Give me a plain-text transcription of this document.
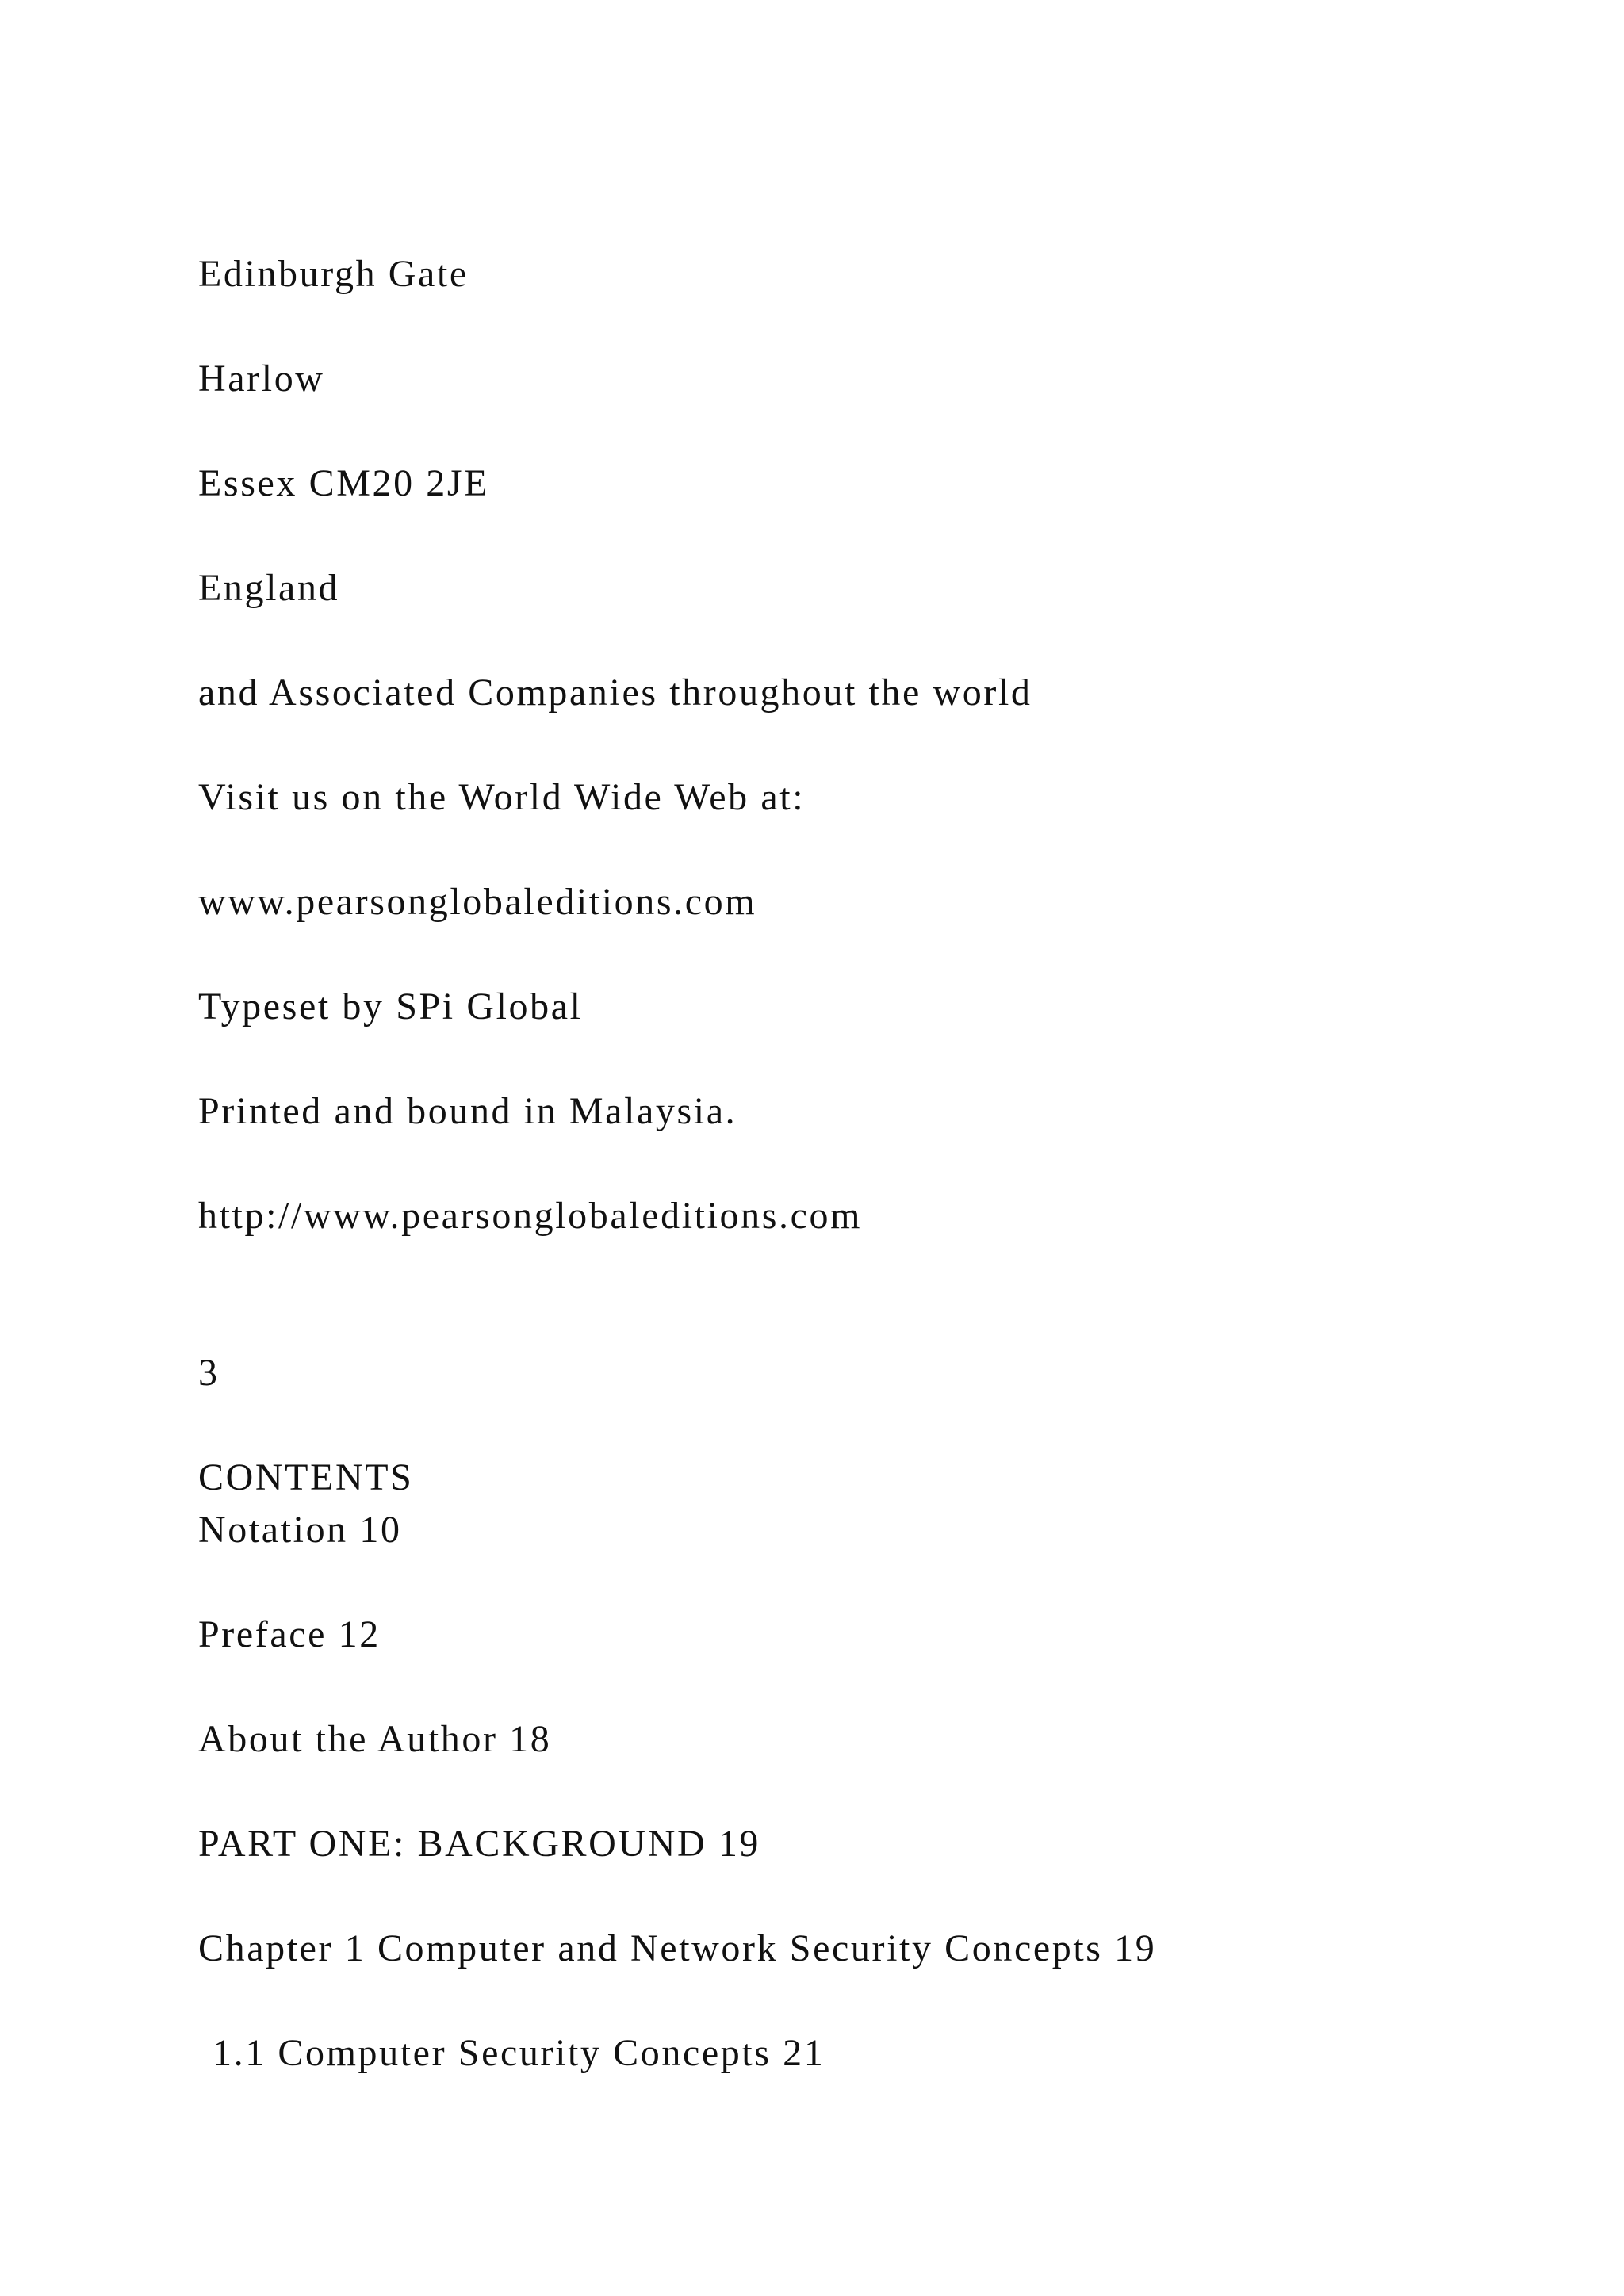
Edinburgh Gate

Harlow

Essex CM20 2JE

England

and Associated Companies throughout the world

Visit us on the World Wide Web at:

www.pearsonglobaleditions.com

Typeset by SPi Global

Printed and bound in Malaysia.

http://www.pearsonglobaleditions.com

3

CONTENTS

Notation 10

Preface 12

About the Author 18

PART ONE: BACKGROUND 19

Chapter 1 Computer and Network Security Concepts 19

1.1 Computer Security Concepts 21
